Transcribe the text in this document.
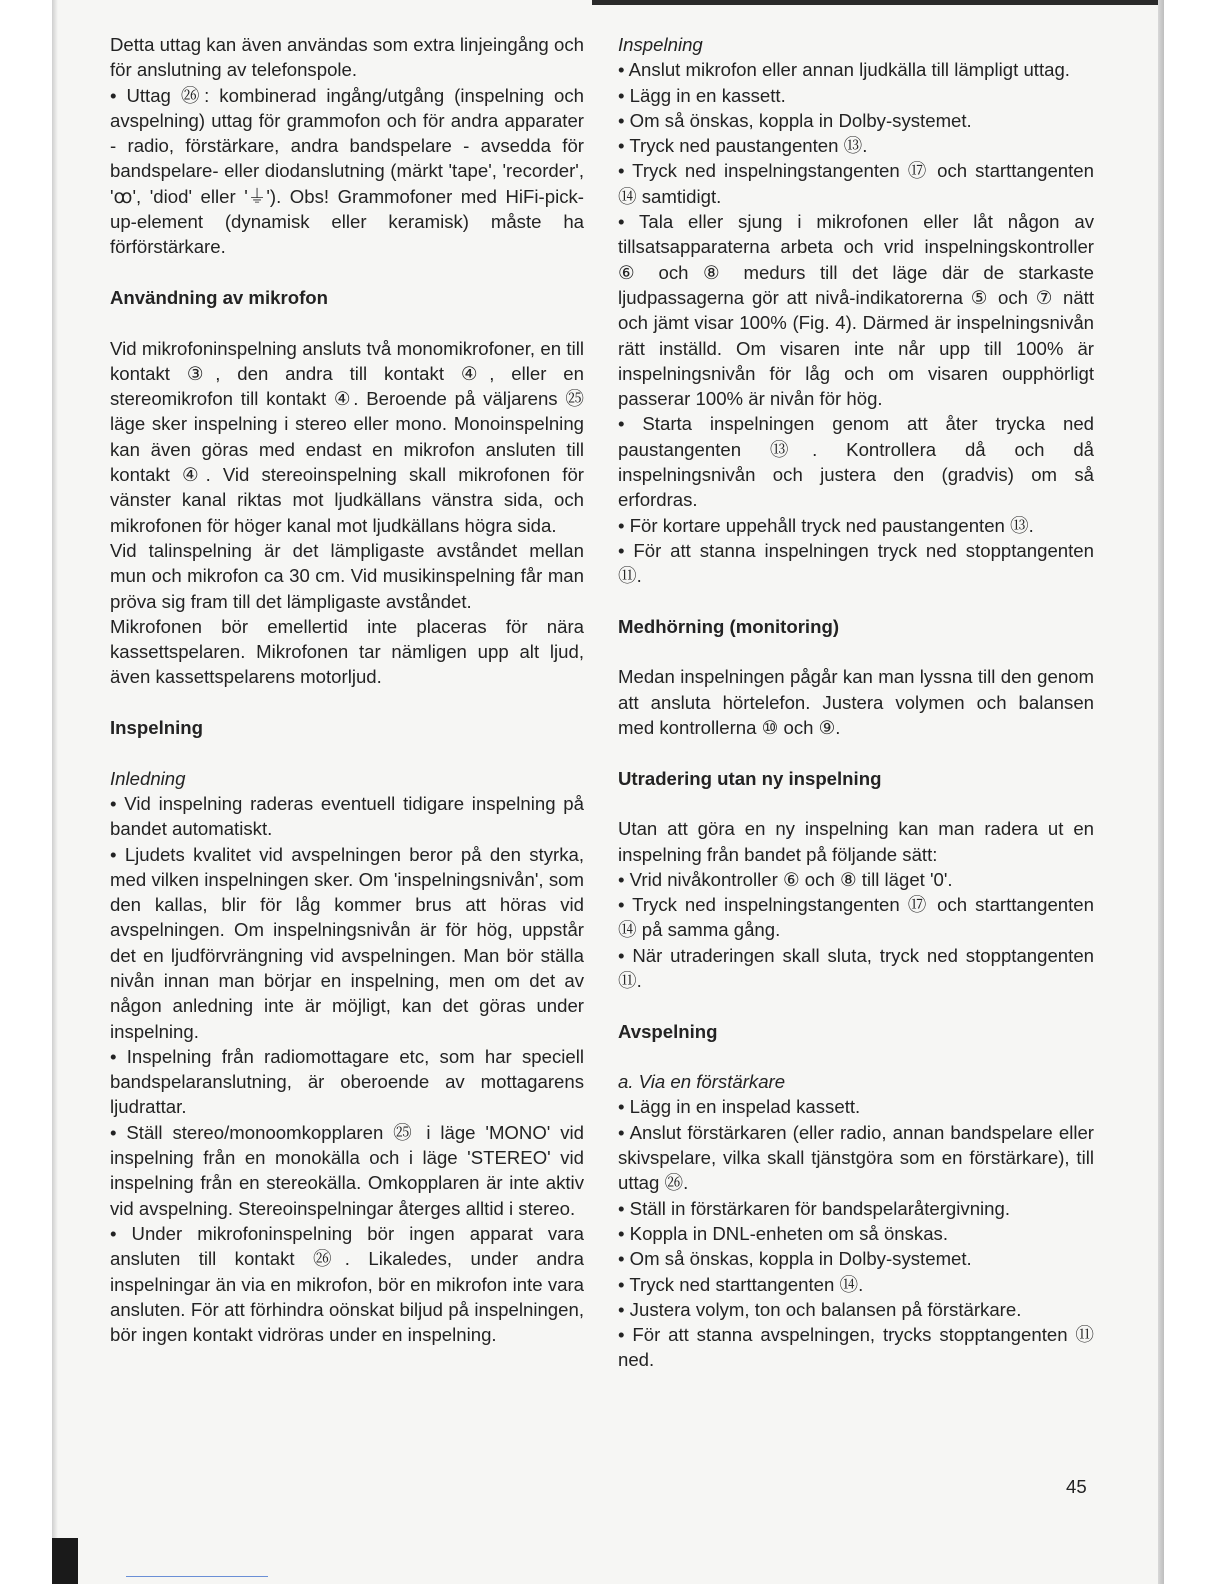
Detta uttag kan även användas som extra linjeingång och för anslutning av telefonspole.

• Uttag ㉖: kombinerad ingång/utgång (inspelning och avspelning) uttag för grammofon och för andra apparater - radio, förstärkare, andra bandspelare - avsedda för bandspelare- eller diodanslutning (märkt 'tape', 'recorder', 'ꝏ', 'diod' eller '⏚'). Obs! Grammofoner med HiFi-pick-up-element (dynamisk eller keramisk) måste ha förförstärkare.

Användning av mikrofon

Vid mikrofoninspelning ansluts två monomikrofoner, en till kontakt ③, den andra till kontakt ④, eller en stereomikrofon till kontakt ④. Beroende på väljarens ㉕ läge sker inspelning i stereo eller mono. Monoinspelning kan även göras med endast en mikrofon ansluten till kontakt ④. Vid stereoinspelning skall mikrofonen för vänster kanal riktas mot ljudkällans vänstra sida, och mikrofonen för höger kanal mot ljudkällans högra sida.

Vid talinspelning är det lämpligaste avståndet mellan mun och mikrofon ca 30 cm. Vid musikinspelning får man pröva sig fram till det lämpligaste avståndet.

Mikrofonen bör emellertid inte placeras för nära kassettspelaren. Mikrofonen tar nämligen upp alt ljud, även kassettspelarens motorljud.

Inspelning

Inledning

• Vid inspelning raderas eventuell tidigare inspelning på bandet automatiskt.

• Ljudets kvalitet vid avspelningen beror på den styrka, med vilken inspelningen sker. Om 'inspelningsnivån', som den kallas, blir för låg kommer brus att höras vid avspelningen. Om inspelningsnivån är för hög, uppstår det en ljudförvrängning vid avspelningen. Man bör ställa nivån innan man börjar en inspelning, men om det av någon anledning inte är möjligt, kan det göras under inspelning.

• Inspelning från radiomottagare etc, som har speciell bandspelaranslutning, är oberoende av mottagarens ljudrattar.

• Ställ stereo/monoomkopplaren ㉕ i läge 'MONO' vid inspelning från en monokälla och i läge 'STEREO' vid inspelning från en stereokälla. Omkopplaren är inte aktiv vid avspelning. Stereoinspelningar återges alltid i stereo.

• Under mikrofoninspelning bör ingen apparat vara ansluten till kontakt ㉖. Likaledes, under andra inspelningar än via en mikrofon, bör en mikrofon inte vara ansluten. För att förhindra oönskat biljud på inspelningen, bör ingen kontakt vidröras under en inspelning.

Inspelning

• Anslut mikrofon eller annan ljudkälla till lämpligt uttag.

• Lägg in en kassett.

• Om så önskas, koppla in Dolby-systemet.

• Tryck ned paustangenten ⑬.

• Tryck ned inspelningstangenten ⑰ och starttangenten ⑭ samtidigt.

• Tala eller sjung i mikrofonen eller låt någon av tillsatsapparaterna arbeta och vrid inspelningskontroller ⑥ och ⑧ medurs till det läge där de starkaste ljudpassagerna gör att nivå-indikatorerna ⑤ och ⑦ nätt och jämt visar 100% (Fig. 4). Därmed är inspelningsnivån rätt inställd. Om visaren inte når upp till 100% är inspelningsnivån för låg och om visaren oupphörligt passerar 100% är nivån för hög.

• Starta inspelningen genom att åter trycka ned paustangenten ⑬. Kontrollera då och då inspelningsnivån och justera den (gradvis) om så erfordras.

• För kortare uppehåll tryck ned paustangenten ⑬.

• För att stanna inspelningen tryck ned stopptangenten ⑪.

Medhörning (monitoring)

Medan inspelningen pågår kan man lyssna till den genom att ansluta hörtelefon. Justera volymen och balansen med kontrollerna ⑩ och ⑨.

Utradering utan ny inspelning

Utan att göra en ny inspelning kan man radera ut en inspelning från bandet på följande sätt:

• Vrid nivåkontroller ⑥ och ⑧ till läget '0'.

• Tryck ned inspelningstangenten ⑰ och starttangenten ⑭ på samma gång.

• När utraderingen skall sluta, tryck ned stopptangenten ⑪.

Avspelning

a. Via en förstärkare

• Lägg in en inspelad kassett.

• Anslut förstärkaren (eller radio, annan bandspelare eller skivspelare, vilka skall tjänstgöra som en förstärkare), till uttag ㉖.

• Ställ in förstärkaren för bandspelaråtergivning.

• Koppla in DNL-enheten om så önskas.

• Om så önskas, koppla in Dolby-systemet.

• Tryck ned starttangenten ⑭.

• Justera volym, ton och balansen på förstärkare.

• För att stanna avspelningen, trycks stopptangenten ⑪ ned.

45
